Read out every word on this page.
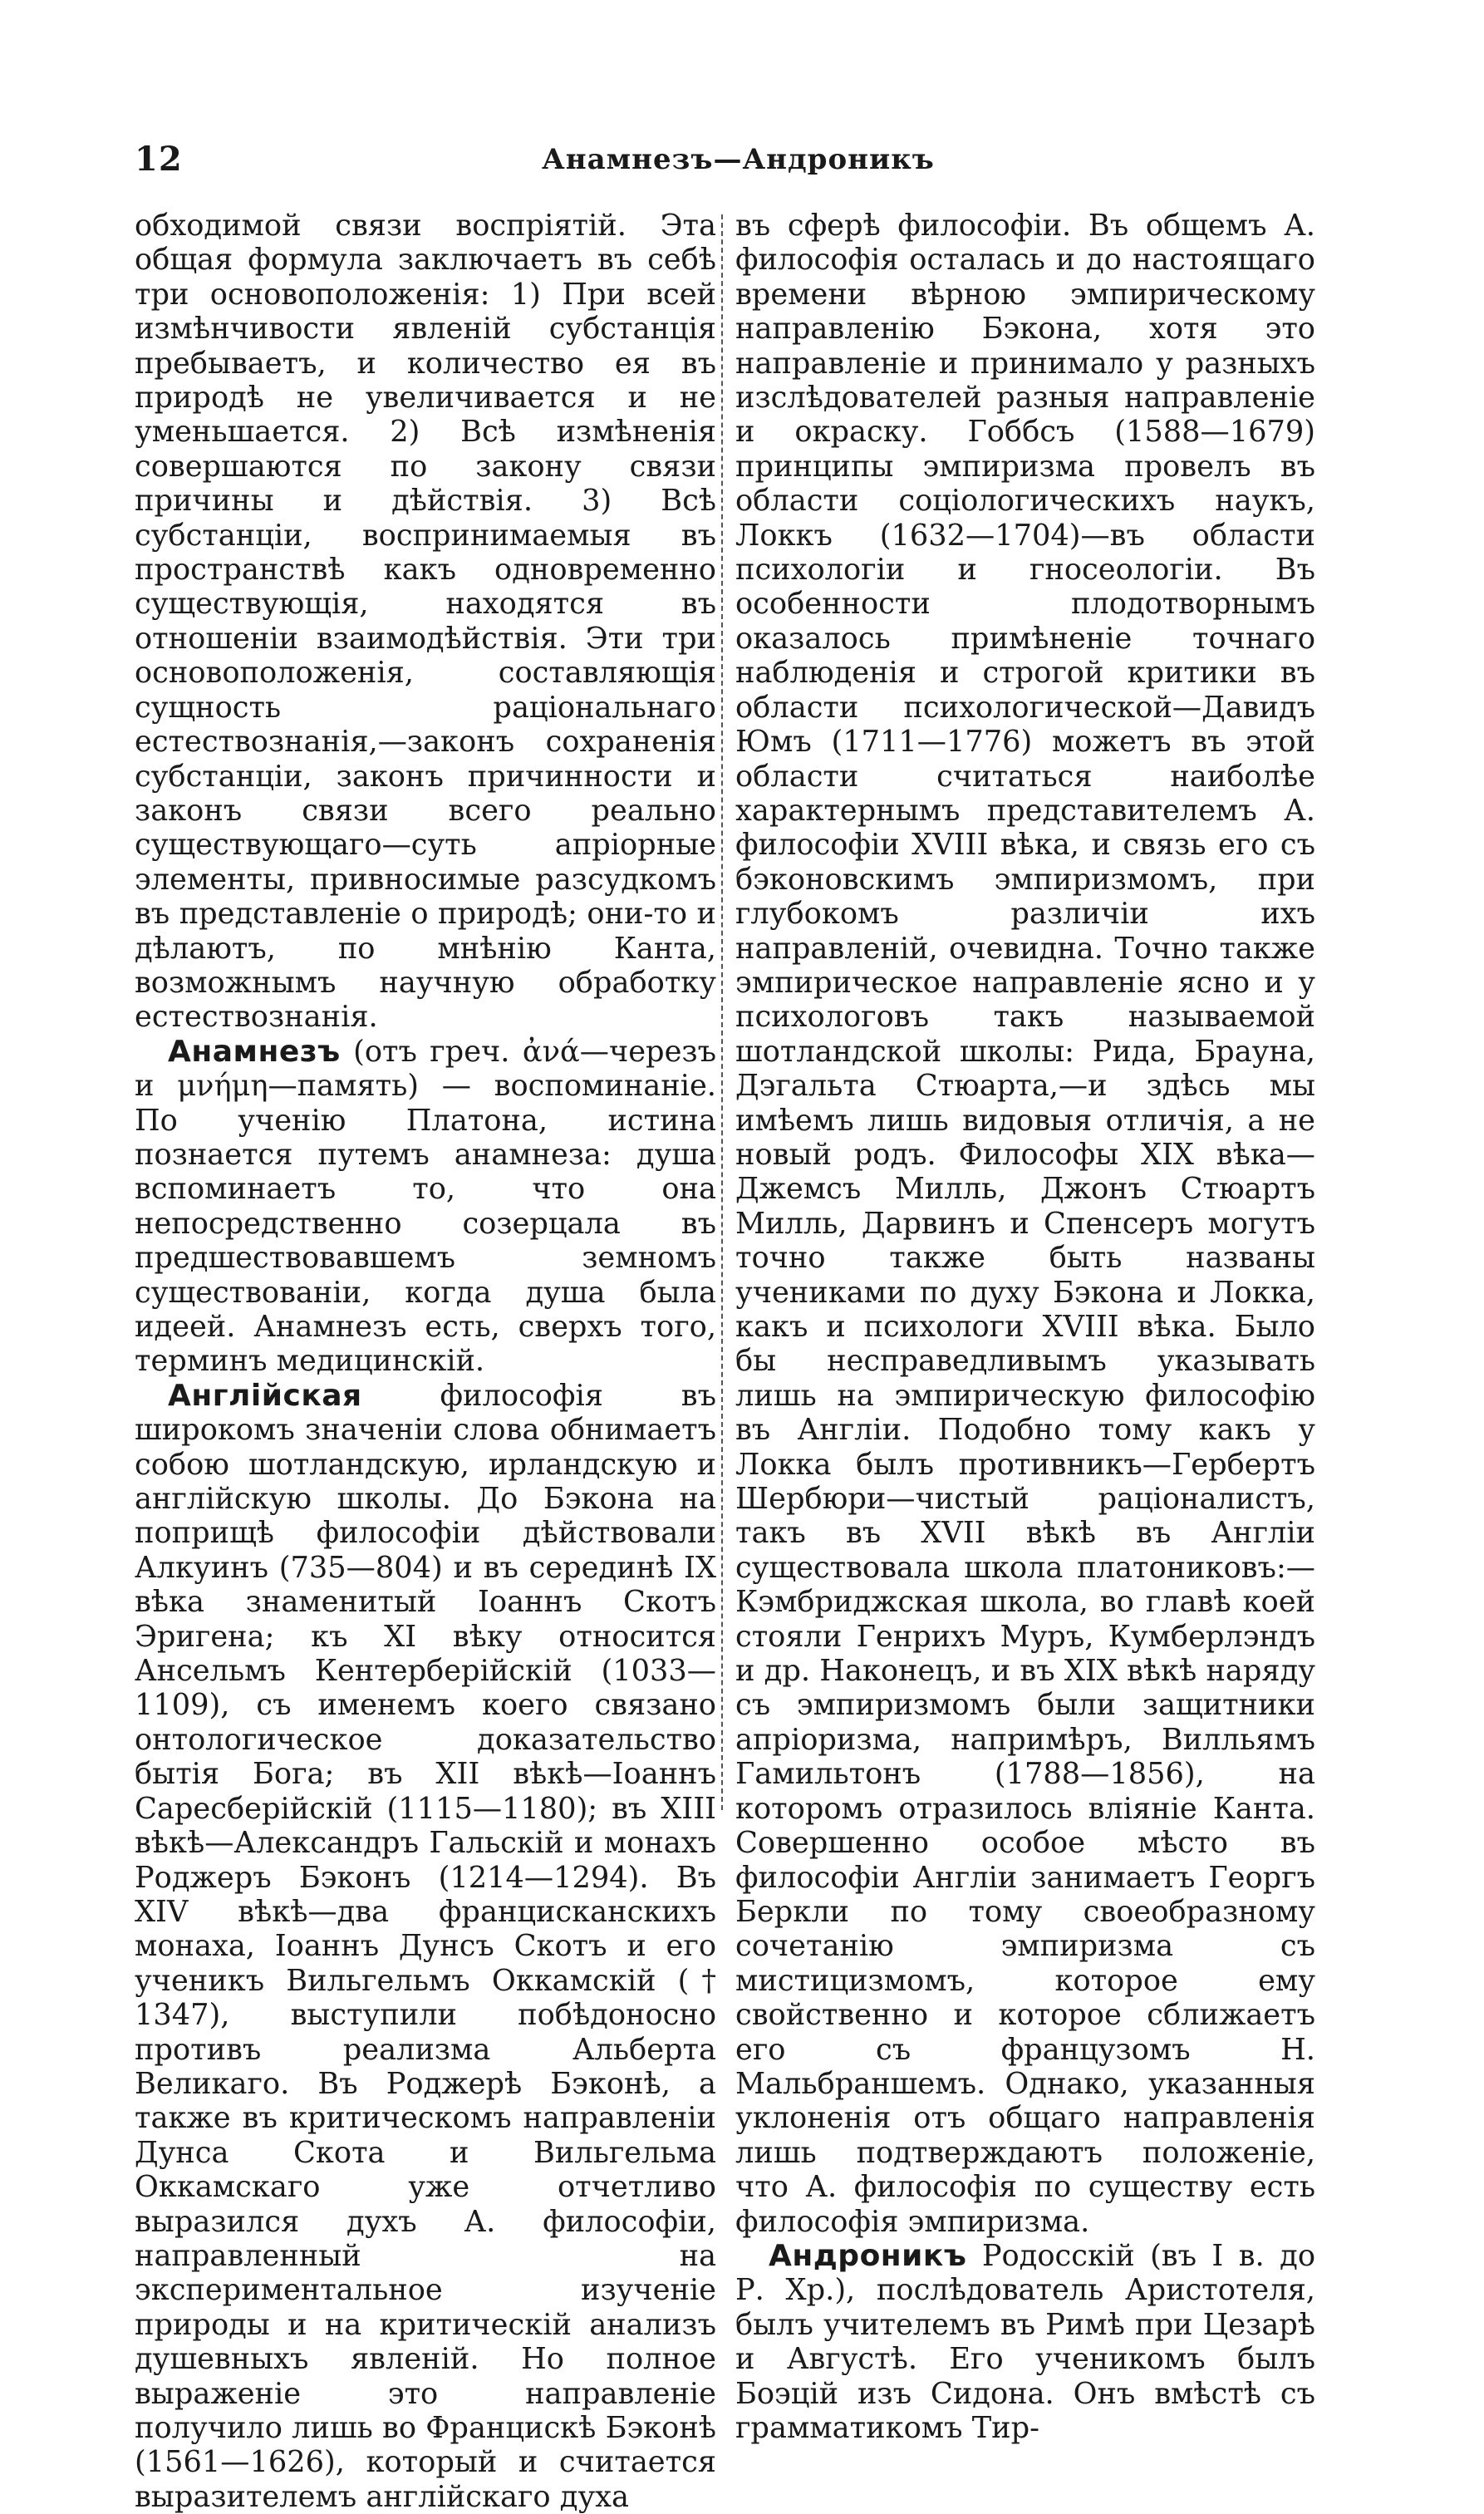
12	Анамнезъ—Андроникъ

обходимой связи воспріятій. Эта общая формула заключаетъ въ себѣ три основоположенія: 1) При всей измѣнчивости явленій субстанція пребываетъ, и количество ея въ природѣ не увеличивается и не уменьшается. 2) Всѣ измѣненія совершаются по закону связи причины и дѣйствія. 3) Всѣ субстанціи, воспринимаемыя въ пространствѣ какъ одновременно существующія, находятся въ отношеніи взаимодѣйствія. Эти три основоположенія, составляющія сущность раціональнаго естествознанія,—законъ сохраненія субстанціи, законъ причинности и законъ связи всего реально существующаго—суть апріорные элементы, привносимые разсудкомъ въ представленіе о природѣ; они-то и дѣлаютъ, по мнѣнію Канта, возможнымъ научную обработку естествознанія.

Анамнезъ (отъ греч. ἀνά—черезъ и μνήμη—память) — воспоминаніе. По ученію Платона, истина познается путемъ анамнеза: душа вспоминаетъ то, что она непосредственно созерцала въ предшествовавшемъ земномъ существованіи, когда душа была идеей. Анамнезъ есть, сверхъ того, терминъ медицинскій.

Англійская философія въ широкомъ значеніи слова обнимаетъ собою шотландскую, ирландскую и англійскую школы. До Бэкона на поприщѣ философіи дѣйствовали Алкуинъ (735—804) и въ серединѣ IX вѣка знаменитый Іоаннъ Скотъ Эригена; къ XI вѣку относится Ансельмъ Кентерберійскій (1033—1109), съ именемъ коего связано онтологическое доказательство бытія Бога; въ XII вѣкѣ—Іоаннъ Саресберійскій (1115—1180); въ XIII вѣкѣ—Александръ Гальскій и монахъ Роджеръ Бэконъ (1214—1294). Въ XIV вѣкѣ—два францисканскихъ монаха, Іоаннъ Дунсъ Скотъ и его ученикъ Вильгельмъ Оккамскій († 1347), выступили побѣдоносно противъ реализма Альберта Великаго. Въ Роджерѣ Бэконѣ, а также въ критическомъ направленіи Дунса Скота и Вильгельма Оккамскаго уже отчетливо выразился духъ А. философіи, направленный на экспериментальное изученіе природы и на критическій анализъ душевныхъ явленій. Но полное выраженіе это направленіе получило лишь во Францискѣ Бэконѣ (1561—1626), который и считается выразителемъ англійскаго духа

въ сферѣ философіи. Въ общемъ А. философія осталась и до настоящаго времени вѣрною эмпирическому направленію Бэкона, хотя это направленіе и принимало у разныхъ изслѣдователей разныя направленіе и окраску. Гоббсъ (1588—1679) принципы эмпиризма провелъ въ области соціологическихъ наукъ, Локкъ (1632—1704)—въ области психологіи и гносеологіи. Въ особенности плодотворнымъ оказалось примѣненіе точнаго наблюденія и строгой критики въ области психологической—Давидъ Юмъ (1711—1776) можетъ въ этой области считаться наиболѣе характернымъ представителемъ А. философіи XVIII вѣка, и связь его съ бэконовскимъ эмпиризмомъ, при глубокомъ различіи ихъ направленій, очевидна. Точно также эмпирическое направленіе ясно и у психологовъ такъ называемой шотландской школы: Рида, Брауна, Дэгальта Стюарта,—и здѣсь мы имѣемъ лишь видовыя отличія, а не новый родъ. Философы XIX вѣка—Джемсъ Милль, Джонъ Стюартъ Милль, Дарвинъ и Спенсеръ могутъ точно также быть названы учениками по духу Бэкона и Локка, какъ и психологи XVIII вѣка. Было бы несправедливымъ указывать лишь на эмпирическую философію въ Англіи. Подобно тому какъ у Локка былъ противникъ—Гербертъ Шербюри—чистый раціоналистъ, такъ въ XVII вѣкѣ въ Англіи существовала школа платониковъ:—Кэмбриджская школа, во главѣ коей стояли Генрихъ Муръ, Кумберлэндъ и др. Наконецъ, и въ XIX вѣкѣ наряду съ эмпиризмомъ были защитники апріоризма, напримѣръ, Вилльямъ Гамильтонъ (1788—1856), на которомъ отразилось вліяніе Канта. Совершенно особое мѣсто въ философіи Англіи занимаетъ Георгъ Беркли по тому своеобразному сочетанію эмпиризма съ мистицизмомъ, которое ему свойственно и которое сближаетъ его съ французомъ Н. Мальбраншемъ. Однако, указанныя уклоненія отъ общаго направленія лишь подтверждаютъ положеніе, что А. философія по существу есть философія эмпиризма.

Андроникъ Родосскій (въ I в. до Р. Хр.), послѣдователь Аристотеля, былъ учителемъ въ Римѣ при Цезарѣ и Августѣ. Его ученикомъ былъ Боэцій изъ Сидона. Онъ вмѣстѣ съ грамматикомъ Тир-
